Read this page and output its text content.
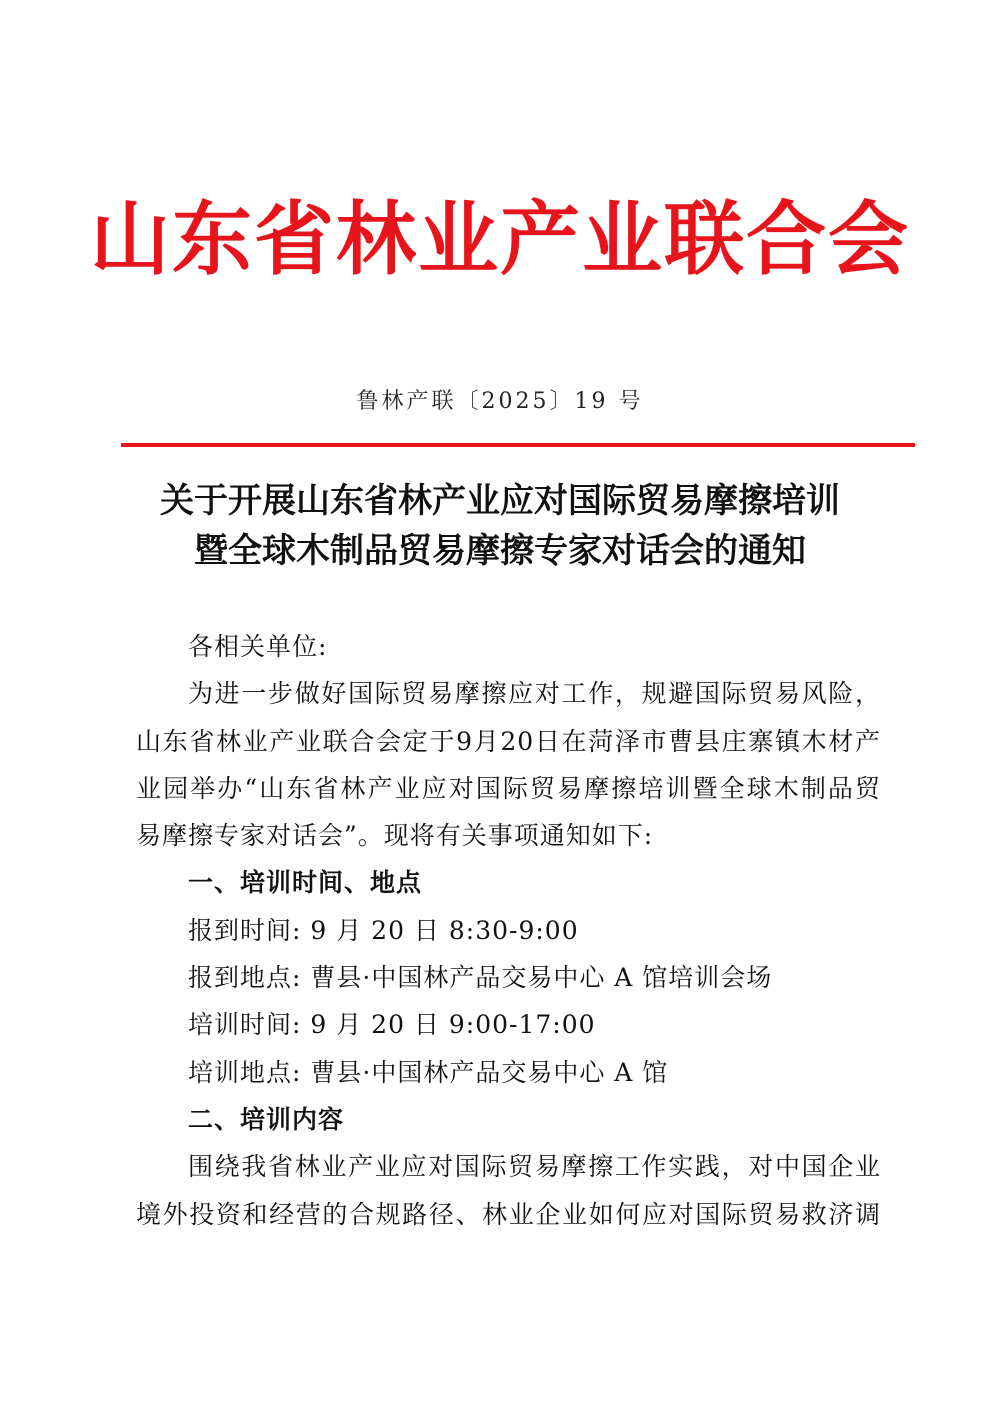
山东省林业产业联合会
鲁林产联〔2025〕19 号
关于开展山东省林产业应对国际贸易摩擦培训
暨全球木制品贸易摩擦专家对话会的通知
各相关单位:
为进一步做好国际贸易摩擦应对工作，规避国际贸易风险，
山东省林业产业联合会定于9月20日在菏泽市曹县庄寨镇木材产
业园举办“山东省林产业应对国际贸易摩擦培训暨全球木制品贸
易摩擦专家对话会”。现将有关事项通知如下:
一、培训时间、地点
报到时间: 9 月 20 日 8:30-9:00
报到地点: 曹县·中国林产品交易中心 A 馆培训会场
培训时间: 9 月 20 日 9:00-17:00
培训地点: 曹县·中国林产品交易中心 A 馆
二、培训内容
围绕我省林业产业应对国际贸易摩擦工作实践，对中国企业
境外投资和经营的合规路径、林业企业如何应对国际贸易救济调
